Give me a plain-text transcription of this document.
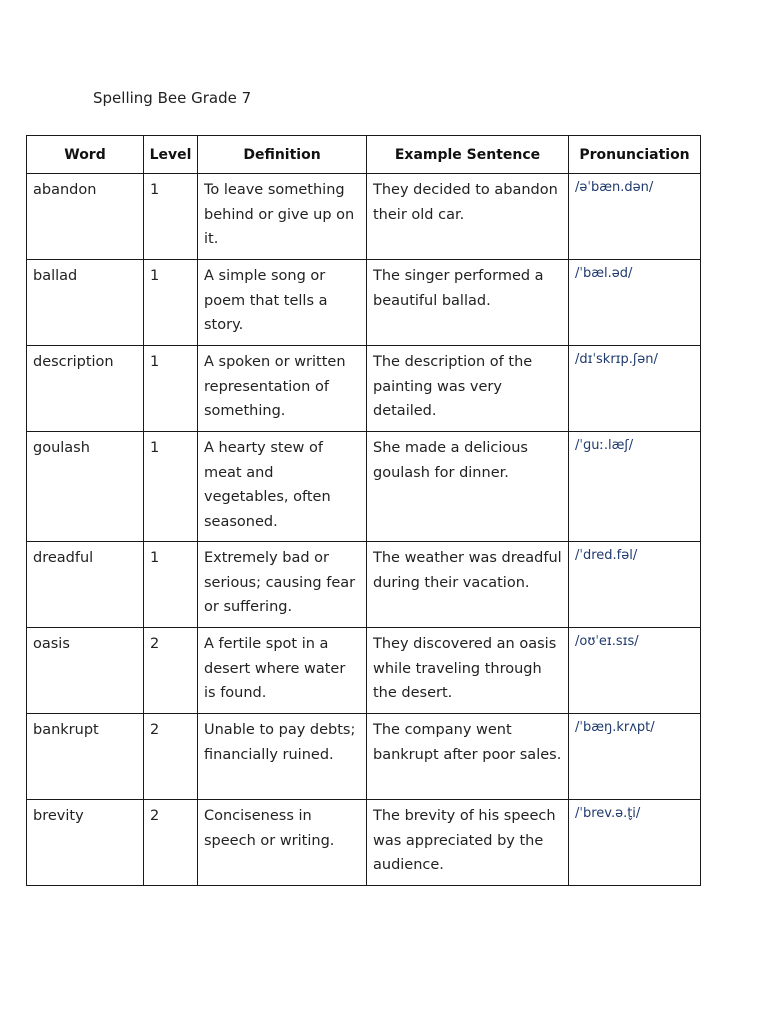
Spelling Bee Grade 7
Word	Level	Definition	Example Sentence	Pronunciation
abandon	1	To leave something behind or give up on it.	They decided to abandon their old car.	/əˈbæn.dən/
ballad	1	A simple song or poem that tells a story.	The singer performed a beautiful ballad.	/ˈbæl.əd/
description	1	A spoken or written representation of something.	The description of the painting was very detailed.	/dɪˈskrɪp.ʃən/
goulash	1	A hearty stew of meat and vegetables, often seasoned.	She made a delicious goulash for dinner.	/ˈɡuː.læʃ/
dreadful	1	Extremely bad or serious; causing fear or suffering.	The weather was dreadful during their vacation.	/ˈdred.fəl/
oasis	2	A fertile spot in a desert where water is found.	They discovered an oasis while traveling through the desert.	/oʊˈeɪ.sɪs/
bankrupt	2	Unable to pay debts; financially ruined.	The company went bankrupt after poor sales.	/ˈbæŋ.krʌpt/
brevity	2	Conciseness in speech or writing.	The brevity of his speech was appreciated by the audience.	/ˈbrev.ə.t̬i/
